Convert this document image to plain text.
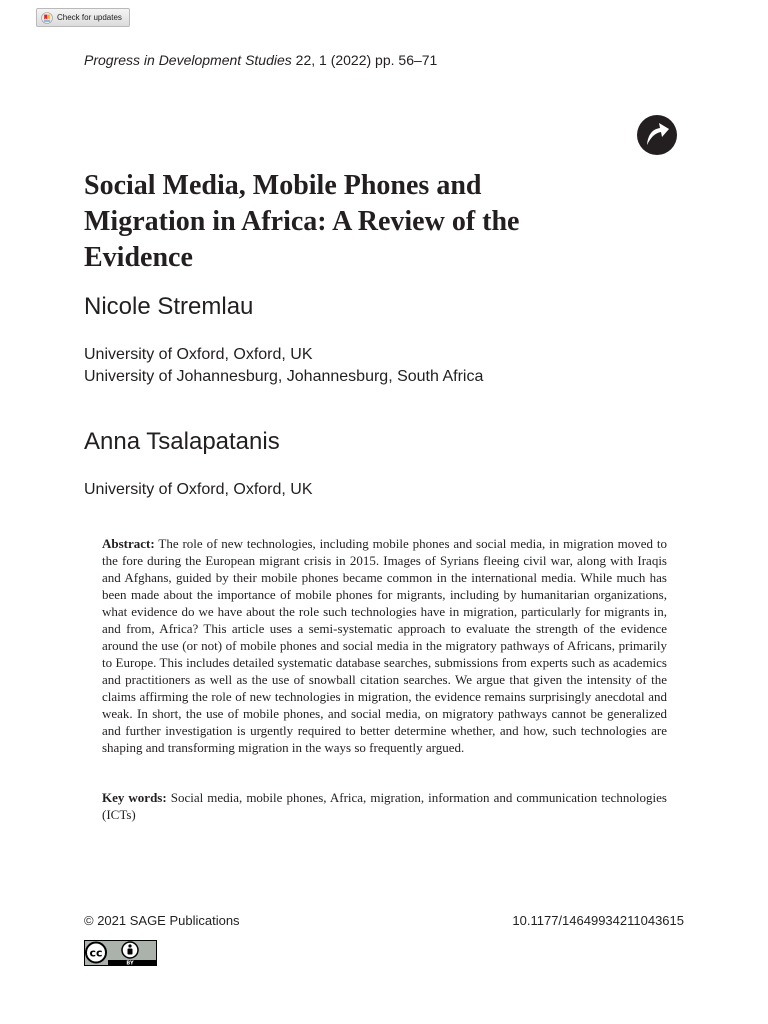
Check for updates
Progress in Development Studies 22, 1 (2022) pp. 56–71
Social Media, Mobile Phones and
Migration in Africa: A Review of the
Evidence
Nicole Stremlau
University of Oxford, Oxford, UK
University of Johannesburg, Johannesburg, South Africa
Anna Tsalapatanis
University of Oxford, Oxford, UK

Abstract: The role of new technologies, including mobile phones and social media, in migration moved to the fore during the European migrant crisis in 2015. Images of Syrians fleeing civil war, along with Iraqis and Afghans, guided by their mobile phones became common in the international media. While much has been made about the importance of mobile phones for migrants, including by humanitarian organizations, what evidence do we have about the role such technologies have in migration, particularly for migrants in, and from, Africa? This article uses a semi-systematic approach to evaluate the strength of the evidence around the use (or not) of mobile phones and social media in the migratory pathways of Africans, primarily to Europe. This includes detailed systematic database searches, submissions from experts such as academics and practitioners as well as the use of snowball citation searches. We argue that given the intensity of the claims affirming the role of new technologies in migration, the evidence remains surprisingly anecdotal and weak. In short, the use of mobile phones, and social media, on migratory pathways cannot be generalized and further investigation is urgently required to better determine whether, and how, such technologies are shaping and transforming migration in the ways so frequently argued.

Key words: Social media, mobile phones, Africa, migration, information and communication technologies (ICTs)

© 2021 SAGE Publications	10.1177/14649934211043615
cc
BY
